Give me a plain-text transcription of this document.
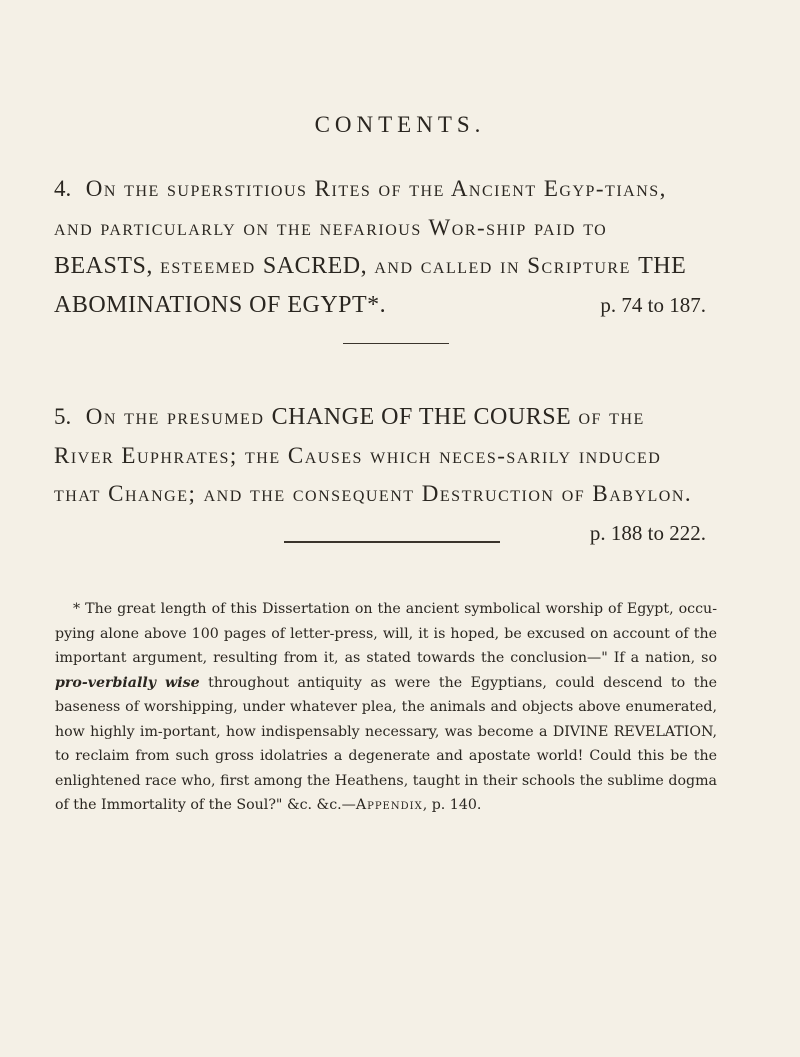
CONTENTS.

4. On the superstitious Rites of the Ancient Egyp-tians, and particularly on the nefarious Wor-ship paid to BEASTS, esteemed SACRED, and called in Scripture THE ABOMINATIONS OF EGYPT*.	p. 74 to 187.

5. On the presumed CHANGE OF THE COURSE of the River Euphrates; the Causes which neces-sarily induced that Change; and the consequent Destruction of Babylon.
p. 188 to 222.

* The great length of this Dissertation on the ancient symbolical worship of Egypt, occu-pying alone above 100 pages of letter-press, will, it is hoped, be excused on account of the important argument, resulting from it, as stated towards the conclusion—" If a nation, so pro-verbially wise throughout antiquity as were the Egyptians, could descend to the baseness of worshipping, under whatever plea, the animals and objects above enumerated, how highly im-portant, how indispensably necessary, was become a DIVINE REVELATION, to reclaim from such gross idolatries a degenerate and apostate world! Could this be the enlightened race who, first among the Heathens, taught in their schools the sublime dogma of the Immortality of the Soul?" &c. &c.—Appendix, p. 140.
